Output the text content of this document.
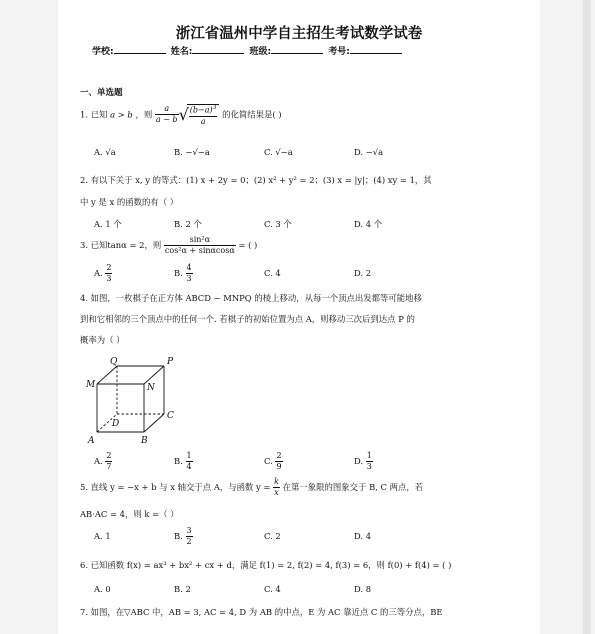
浙江省温州中学自主招生考试数学试卷
学校:	姓名:	班级:	考号:
一、单选题
1. 已知 a > b ，则 $\frac{a}{a - b}$ √ $\frac{(b-a)^3}{a}$ 的化简结果是( )
A. √a	B. −√−a	C. √−a	D. −√a
2. 有以下关于 x, y 的等式：(1) x + 2y = 0；(2) x² + y² = 2；(3) x = |y|；(4) xy = 1，其
中 y 是 x 的函数的有（ ）
A. 1 个	B. 2 个	C. 3 个	D. 4 个
3. 已知tanα = 2，则 $\frac{\text{sin²α}}{\text{cos²α + sinαcosα}}$ = ( )
A. $\frac{2}{3}$	B. $\frac{4}{3}$	C. 4	D. 2
4. 如图，一枚棋子在正方体 ABCD − MNPQ 的棱上移动，从每一个顶点出发都等可能地移
到和它相邻的三个顶点中的任何一个. 若棋子的初始位置为点 A，则移动三次后到达点 P 的
概率为（ ）
Q	P
M	N
D
C
A	B
A. $\frac{2}{7}$	B. $\frac{1}{4}$	C. $\frac{2}{9}$	D. $\frac{1}{3}$
5. 直线 y = −x + b 与 x 轴交于点 A，与函数 $y = \frac{k}{x}$ 在第一象限的图象交于 B, C 两点，若
AB·AC = 4，则 k =（ ）
A. 1	B. $\frac{3}{2}$	C. 2	D. 4
6. 已知函数 f(x) = ax³ + bx² + cx + d，满足 f(1) = 2, f(2) = 4, f(3) = 6，则 f(0) + f(4) = ( )
A. 0	B. 2	C. 4	D. 8
7. 如图，在▽ABC 中，AB = 3, AC = 4, D 为 AB 的中点，E 为 AC 靠近点 C 的三等分点，BE
